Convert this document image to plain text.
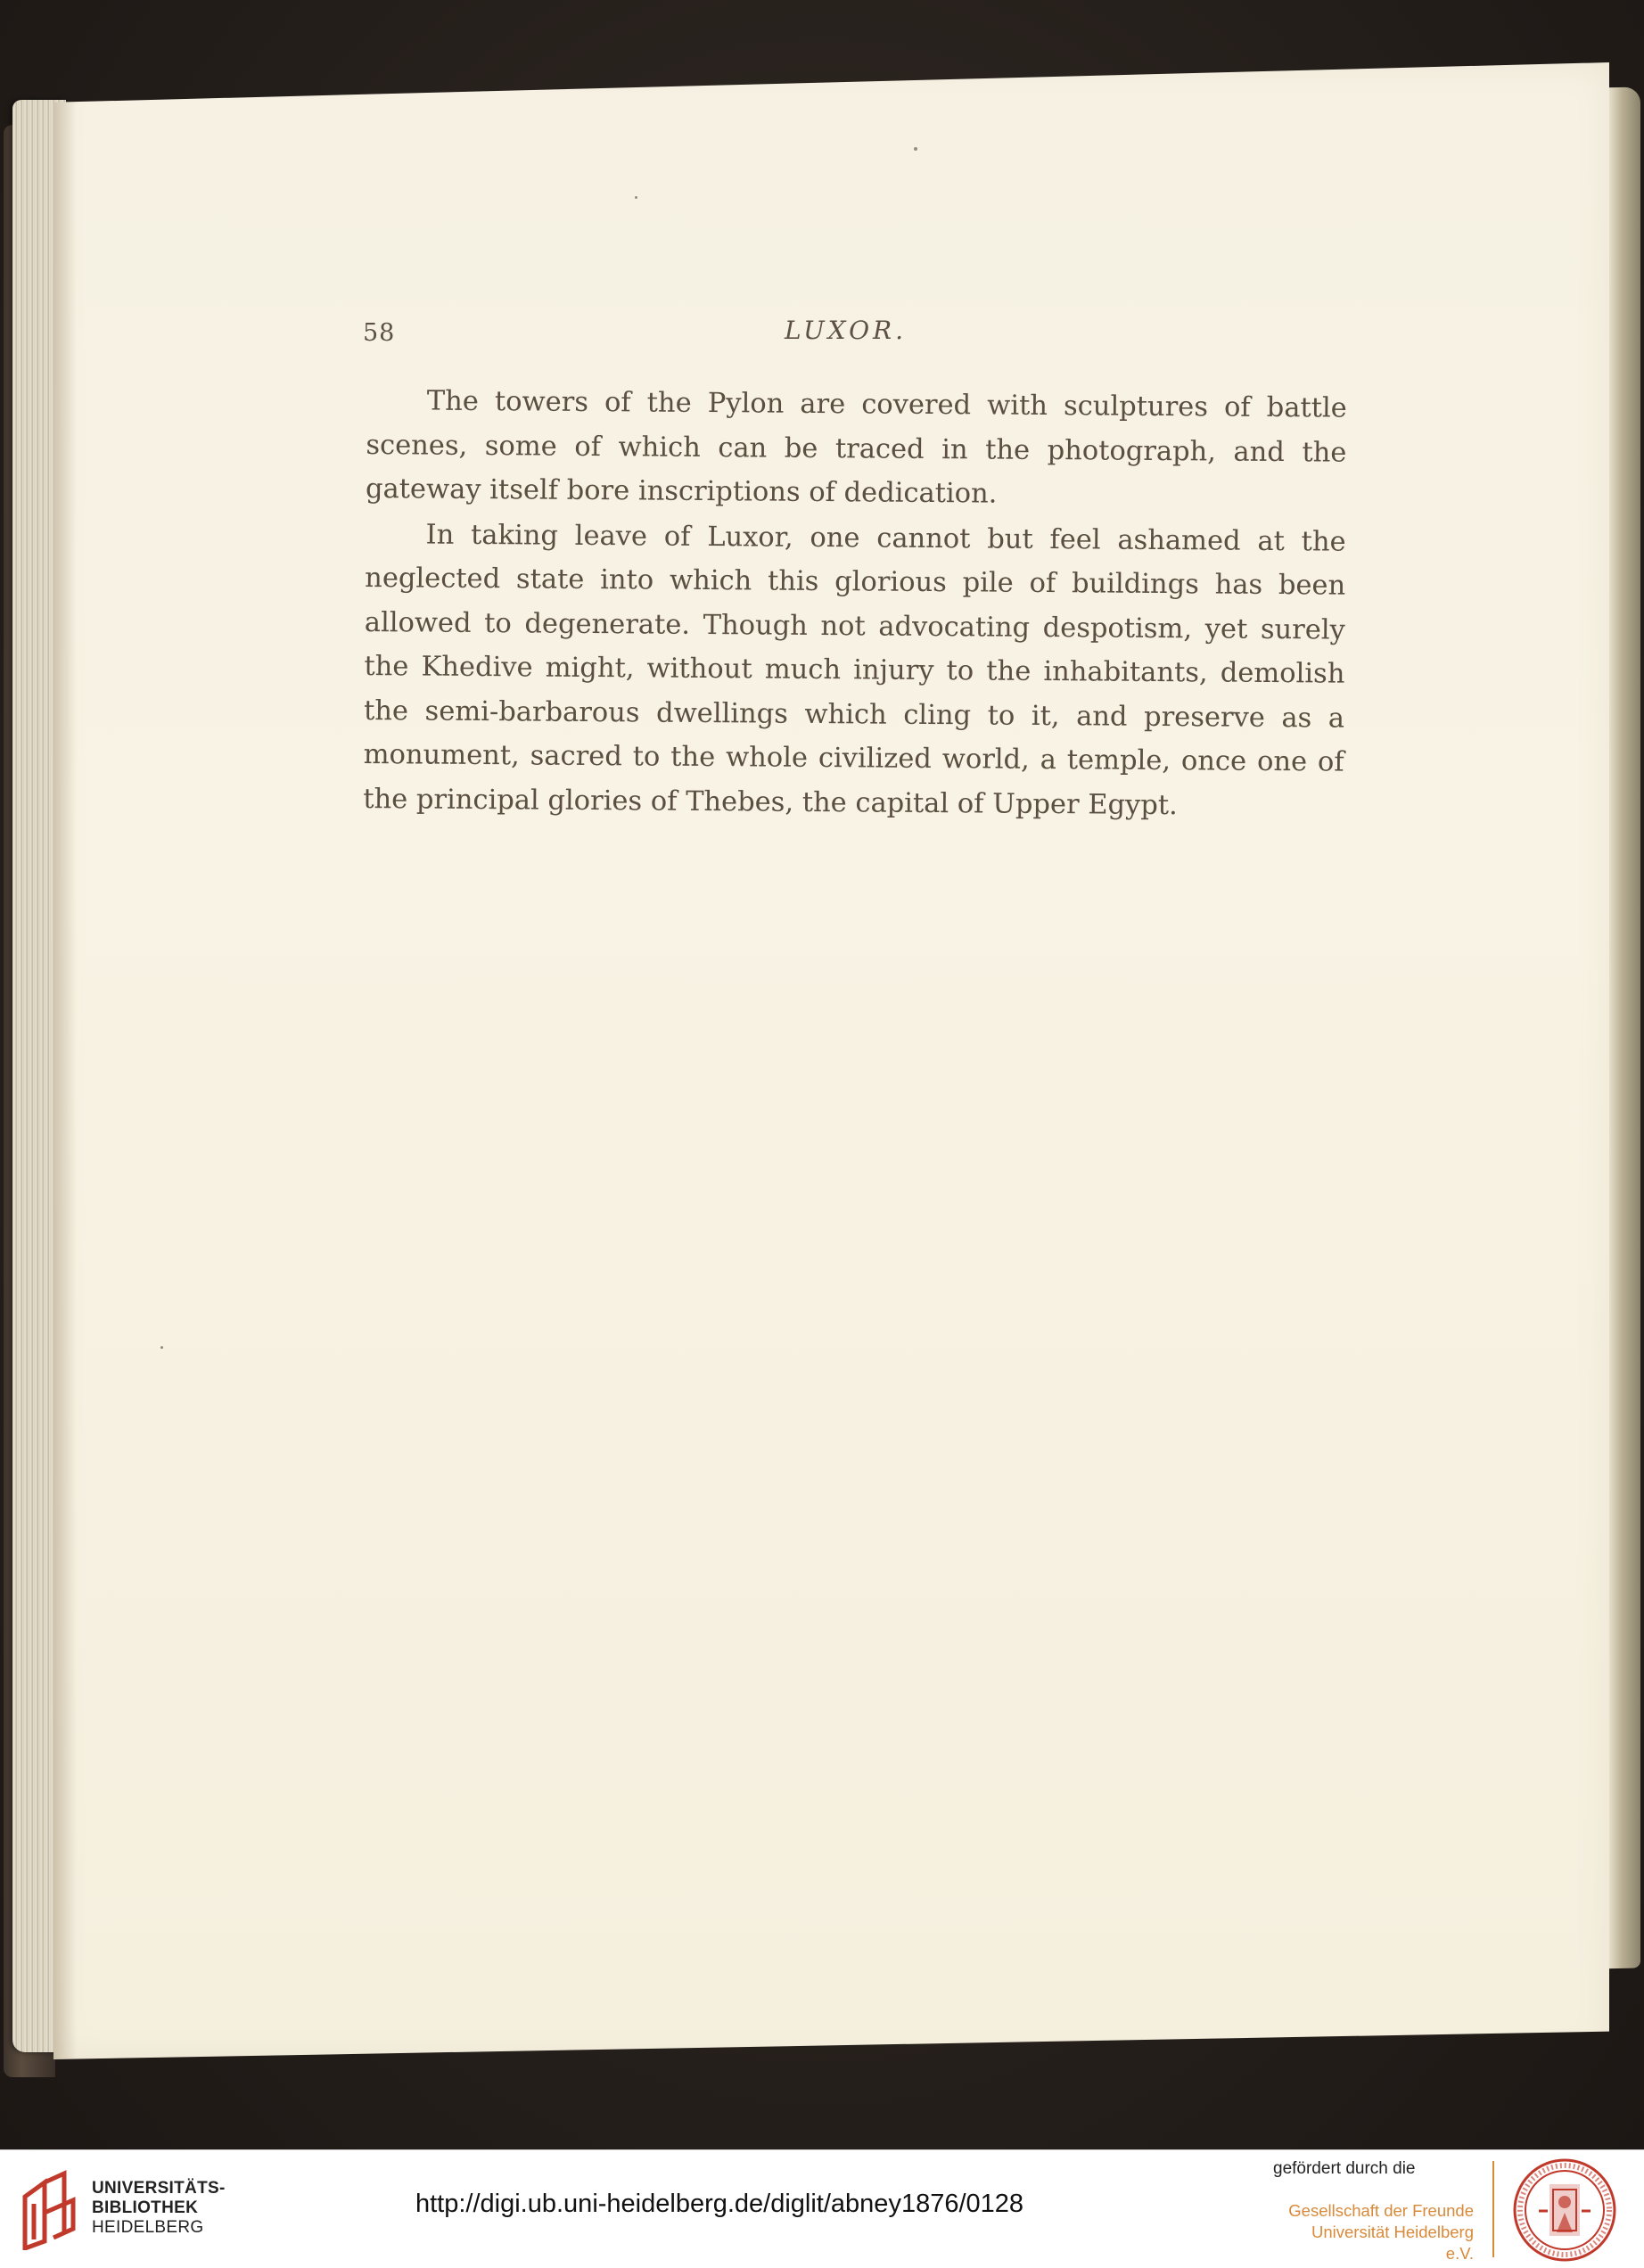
58	LUXOR.

The towers of the Pylon are covered with sculptures of battle scenes, some of which can be traced in the photograph, and the gateway itself bore inscriptions of dedication.

In taking leave of Luxor, one cannot but feel ashamed at the neglected state into which this glorious pile of buildings has been allowed to degenerate. Though not advocating despotism, yet surely the Khedive might, without much injury to the inhabitants, demolish the semi-barbarous dwellings which cling to it, and preserve as a monument, sacred to the whole civilized world, a temple, once one of the principal glories of Thebes, the capital of Upper Egypt.

UNIVERSITÄTS-
BIBLIOTHEK
HEIDELBERG
http://digi.ub.uni-heidelberg.de/diglit/abney1876/0128
gefördert durch die
Gesellschaft der Freunde
Universität Heidelberg e.V.
